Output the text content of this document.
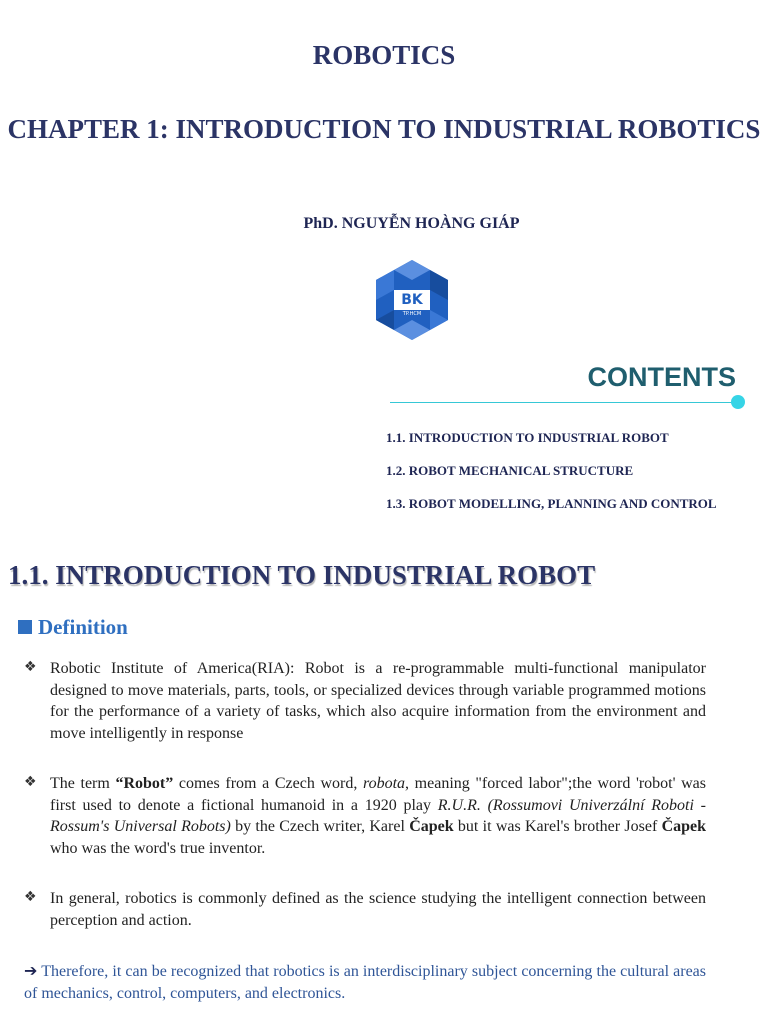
ROBOTICS
CHAPTER 1: INTRODUCTION TO INDUSTRIAL ROBOTICS
PhD. NGUYỄN HOÀNG GIÁP
BK
TP.HCM
CONTENTS
1.1. INTRODUCTION TO INDUSTRIAL ROBOT
1.2. ROBOT MECHANICAL STRUCTURE
1.3. ROBOT MODELLING, PLANNING AND CONTROL
1.1. INTRODUCTION TO INDUSTRIAL ROBOT
Definition
❖ Robotic Institute of America(RIA): Robot is a re-programmable multi-functional manipulator designed to move materials, parts, tools, or specialized devices through variable programmed motions for the performance of a variety of tasks, which also acquire information from the environment and move intelligently in response
❖ The term “Robot” comes from a Czech word, robota, meaning "forced labor";the word 'robot' was first used to denote a fictional humanoid in a 1920 play R.U.R. (Rossumovi Univerzální Roboti - Rossum's Universal Robots) by the Czech writer, Karel Čapek but it was Karel's brother Josef Čapek who was the word's true inventor.
❖ In general, robotics is commonly defined as the science studying the intelligent connection between perception and action.
➔ Therefore, it can be recognized that robotics is an interdisciplinary subject concerning the cultural areas of mechanics, control, computers, and electronics.
